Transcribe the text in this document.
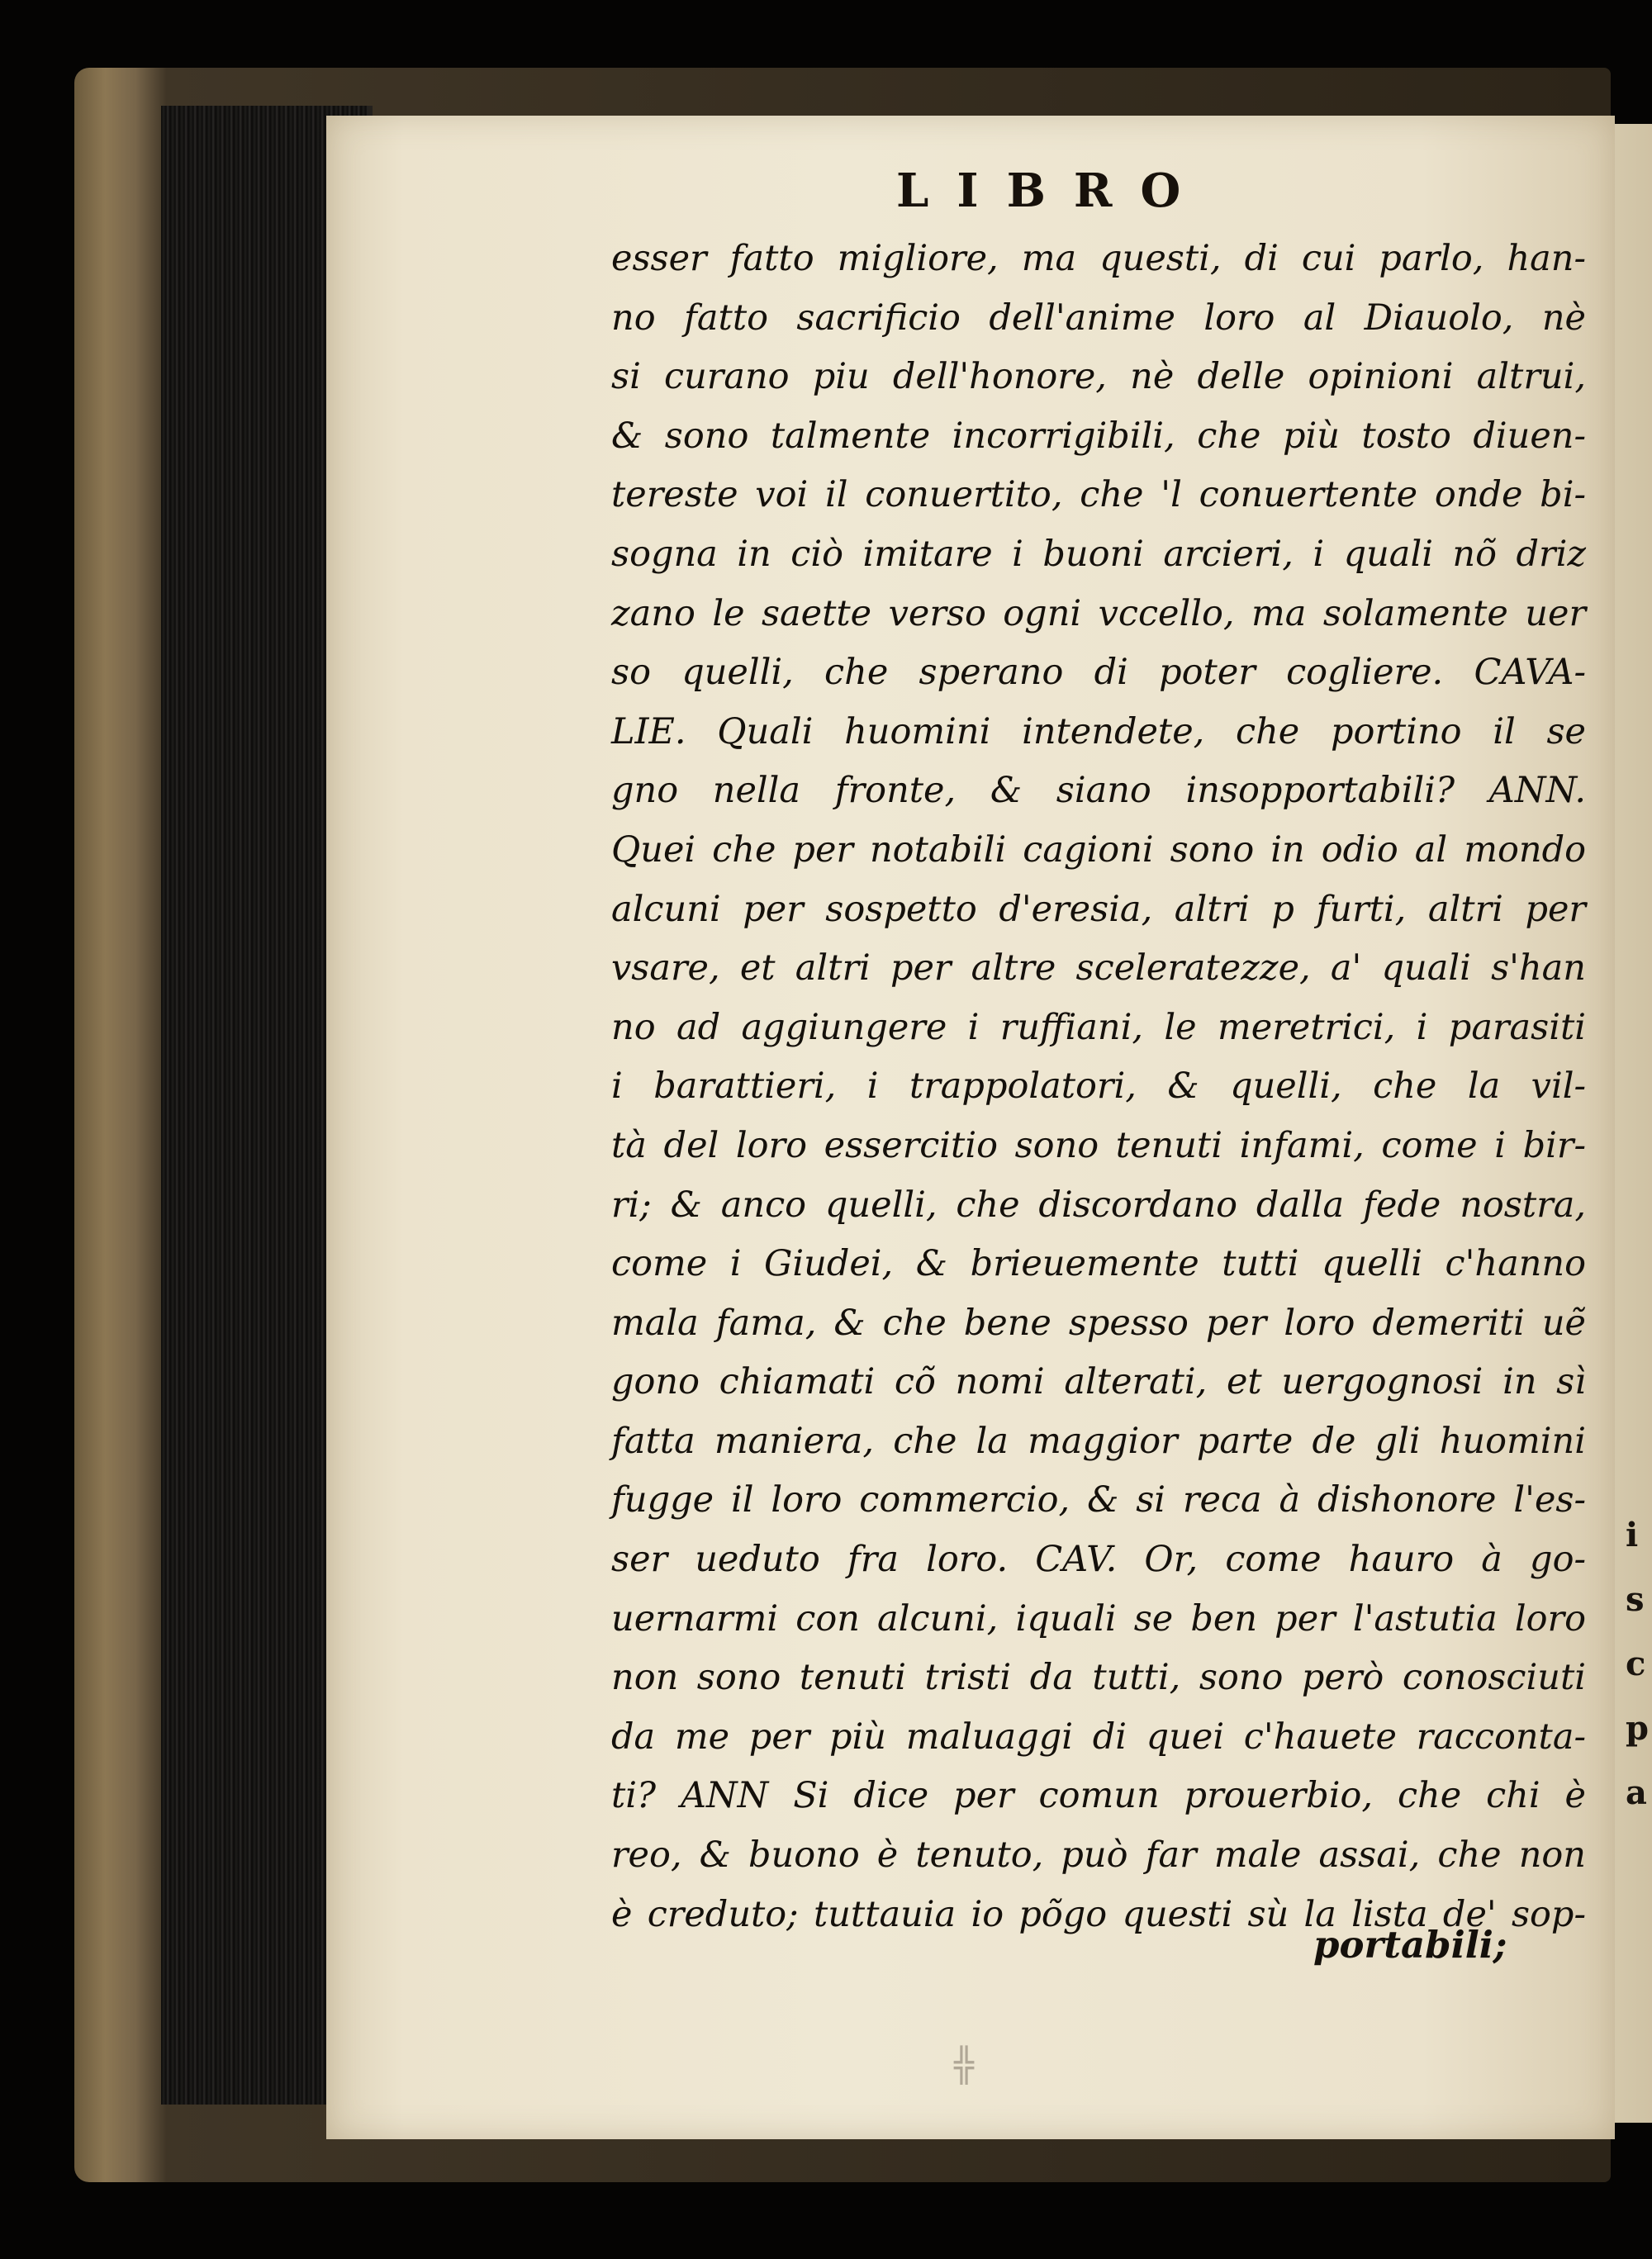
i
s
c
p
a
LIBRO
esser fatto migliore, ma questi, di cui parlo, han-
no fatto sacrificio dell'anime loro al Diauolo, nè
si curano piu dell'honore, nè delle opinioni altrui,
& sono talmente incorrigibili, che più tosto diuen-
tereste voi il conuertito, che 'l conuertente onde bi-
sogna in ciò imitare i buoni arcieri, i quali nõ driz
zano le saette verso ogni vccello, ma solamente uer
so quelli, che sperano di poter cogliere. CAVA-
LIE. Quali huomini intendete, che portino il se
gno nella fronte, & siano insopportabili? ANN.
Quei che per notabili cagioni sono in odio al mondo
alcuni per sospetto d'eresia, altri p furti, altri per
vsare, et altri per altre sceleratezze, a' quali s'han
no ad aggiungere i ruffiani, le meretrici, i parasiti
i barattieri, i trappolatori, & quelli, che la vil-
tà del loro essercitio sono tenuti infami, come i bir-
ri; & anco quelli, che discordano dalla fede nostra,
come i Giudei, & brieuemente tutti quelli c'hanno
mala fama, & che bene spesso per loro demeriti uẽ
gono chiamati cõ nomi alterati, et uergognosi in sì
fatta maniera, che la maggior parte de gli huomini
fugge il loro commercio, & si reca à dishonore l'es-
ser ueduto fra loro. CAV. Or, come hauro à go-
uernarmi con alcuni, iquali se ben per l'astutia loro
non sono tenuti tristi da tutti, sono però conosciuti
da me per più maluaggi di quei c'hauete racconta-
ti? ANN Si dice per comun prouerbio, che chi è
reo, & buono è tenuto, può far male assai, che non
è creduto; tuttauia io põgo questi sù la lista de' sop-
portabili;
╬
